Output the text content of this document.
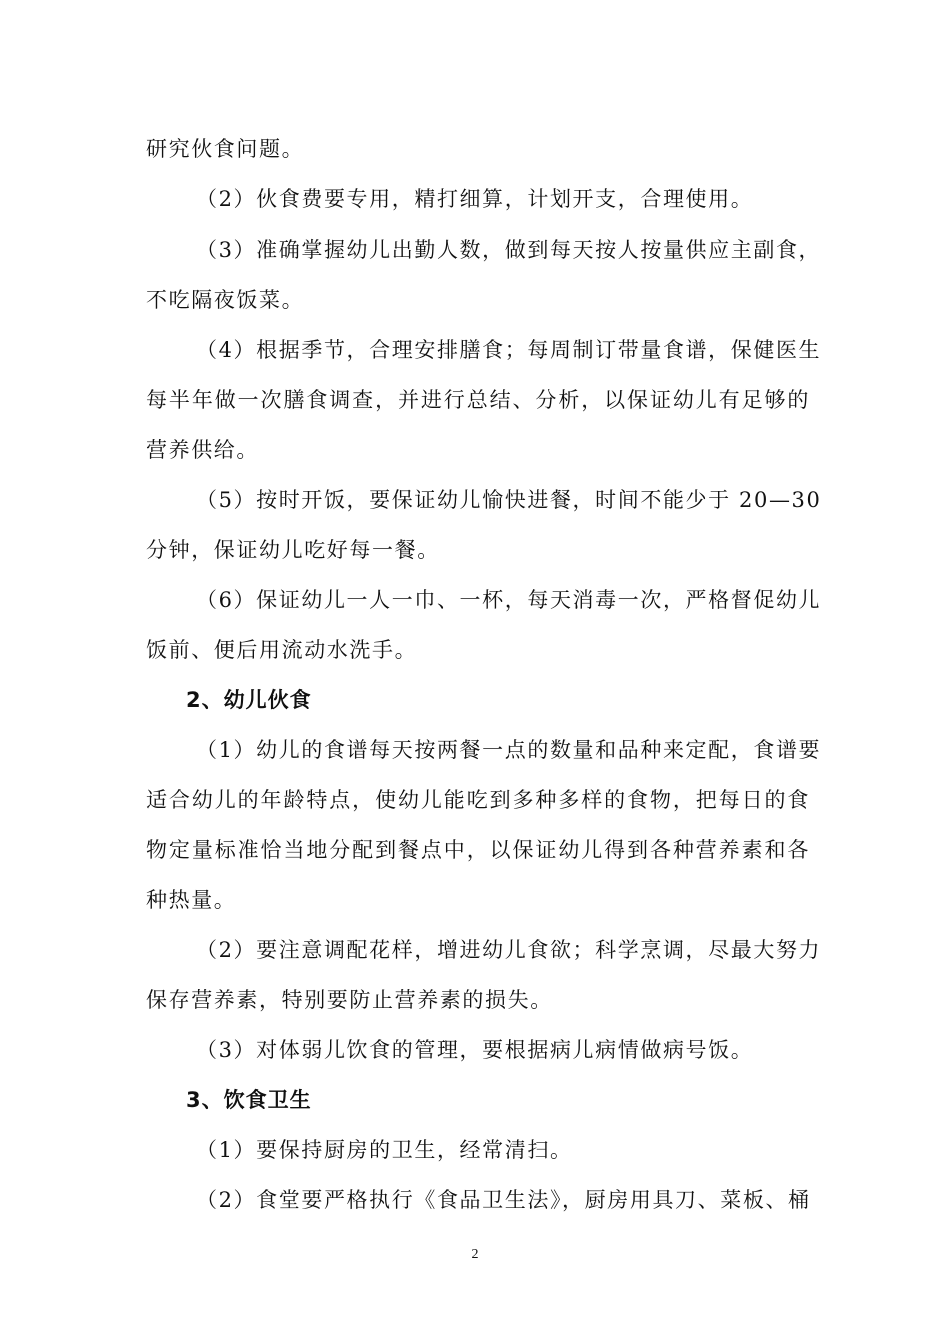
研究伙食问题。
（2）伙食费要专用，精打细算，计划开支，合理使用。
（3）准确掌握幼儿出勤人数，做到每天按人按量供应主副食，
不吃隔夜饭菜。
（4）根据季节，合理安排膳食；每周制订带量食谱，保健医生
每半年做一次膳食调查，并进行总结、分析，以保证幼儿有足够的
营养供给。
（5）按时开饭，要保证幼儿愉快进餐，时间不能少于 20—30
分钟，保证幼儿吃好每一餐。
（6）保证幼儿一人一巾、一杯，每天消毒一次，严格督促幼儿
饭前、便后用流动水洗手。
2、幼儿伙食
（1）幼儿的食谱每天按两餐一点的数量和品种来定配，食谱要
适合幼儿的年龄特点，使幼儿能吃到多种多样的食物，把每日的食
物定量标准恰当地分配到餐点中，以保证幼儿得到各种营养素和各
种热量。
（2）要注意调配花样，增进幼儿食欲；科学烹调，尽最大努力
保存营养素，特别要防止营养素的损失。
（3）对体弱儿饮食的管理，要根据病儿病情做病号饭。
3、饮食卫生
（1）要保持厨房的卫生，经常清扫。
（2）食堂要严格执行《食品卫生法》，厨房用具刀、菜板、桶
2
